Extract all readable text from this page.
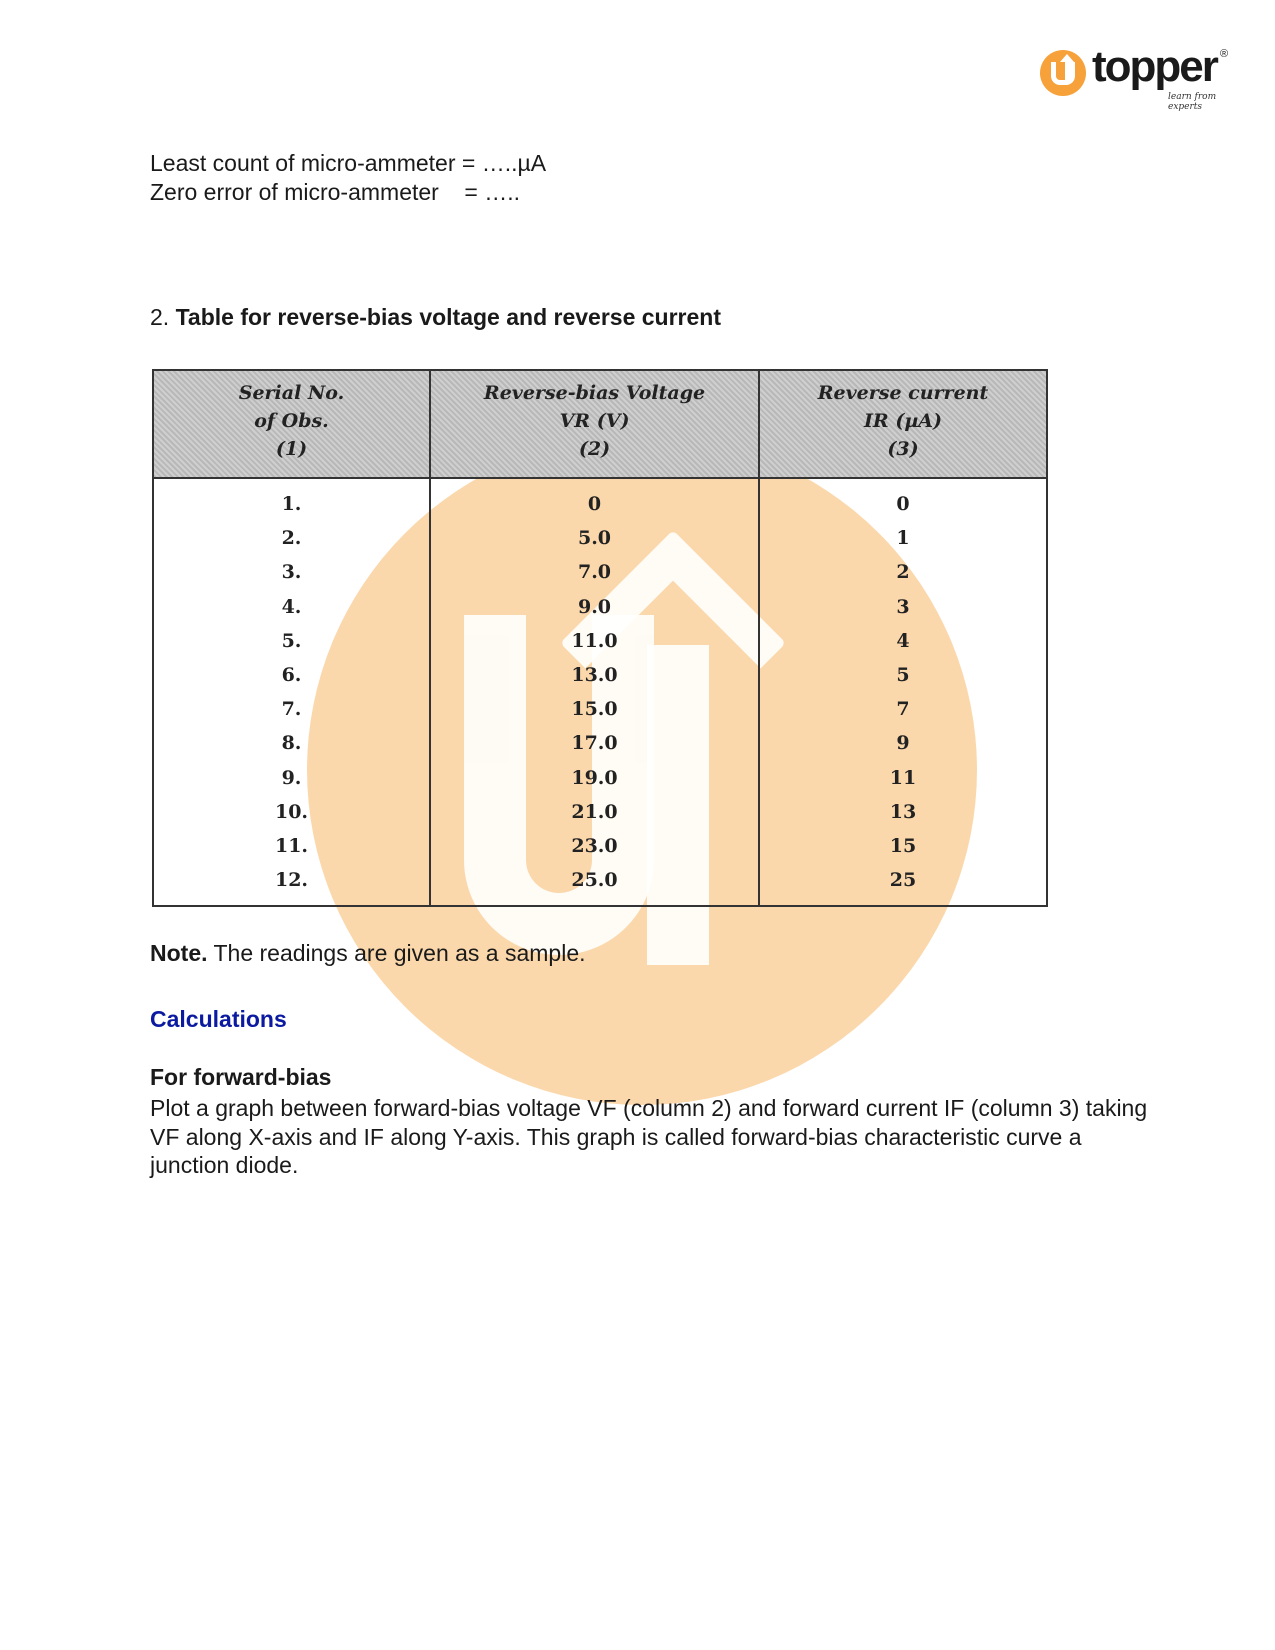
topper ®
learn from experts
Least count of micro-ammeter = …..µA
Zero error of micro-ammeter    = …..
2. Table for reverse-bias voltage and reverse current
Serial No.
of Obs.
(1)
Reverse-bias Voltage
VR (V)
(2)
Reverse current
IR (µA)
(3)
1.
2.
3.
4.
5.
6.
7.
8.
9.
10.
11.
12.
0
5.0
7.0
9.0
11.0
13.0
15.0
17.0
19.0
21.0
23.0
25.0
0
1
2
3
4
5
7
9
11
13
15
25
Note. The readings are given as a sample.
Calculations
For forward-bias
Plot a graph between forward-bias voltage VF (column 2) and forward current IF (column 3) taking VF along X-axis and IF along Y-axis. This graph is called forward-bias characteristic curve a junction diode.
